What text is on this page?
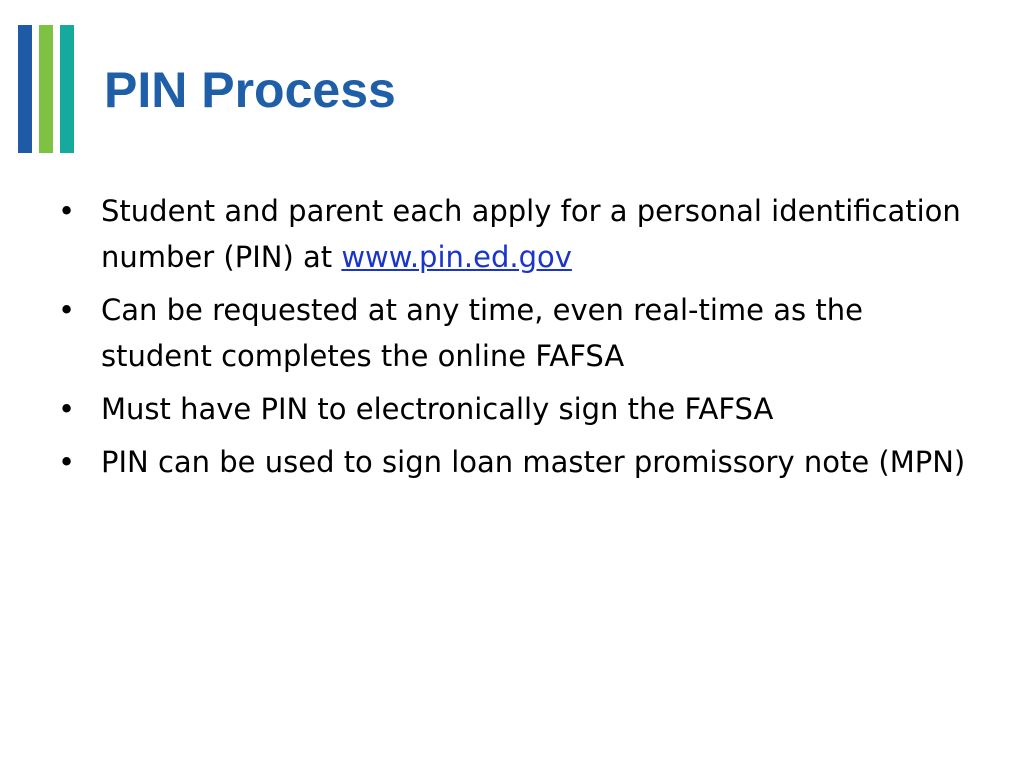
PIN Process
• Student and parent each apply for a personal identification number (PIN) at www.pin.ed.gov
• Can be requested at any time, even real-time as the student completes the online FAFSA
• Must have PIN to electronically sign the FAFSA
• PIN can be used to sign loan master promissory note (MPN)
